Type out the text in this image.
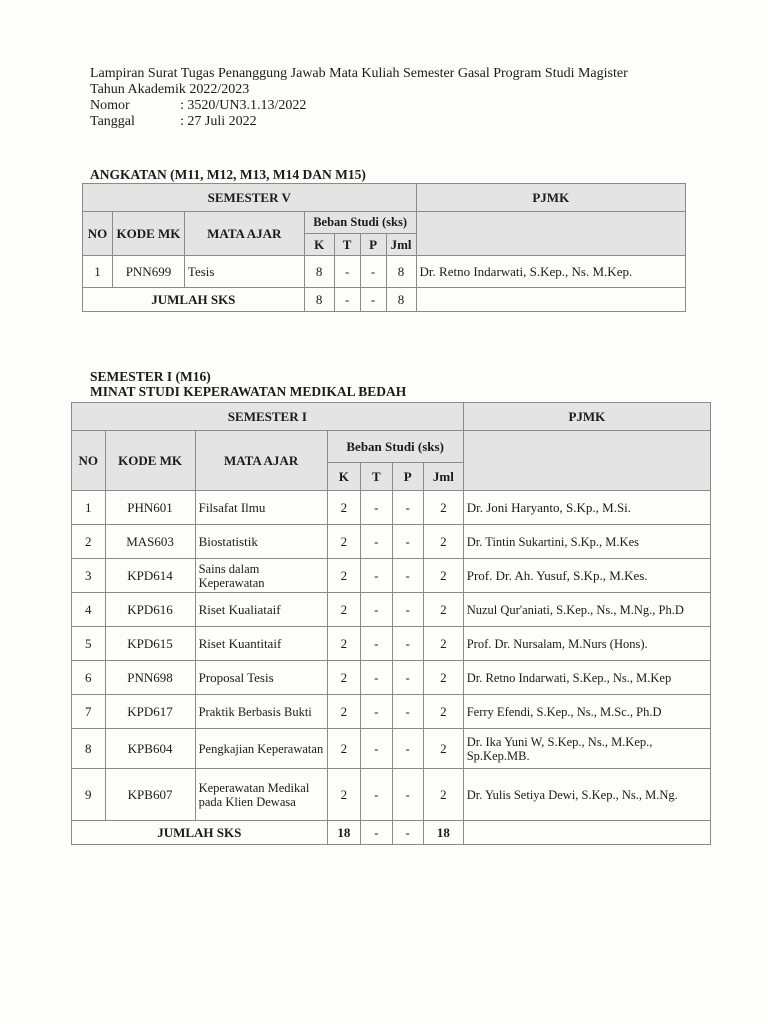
Lampiran Surat Tugas Penanggung Jawab Mata Kuliah Semester Gasal Program Studi Magister
Tahun Akademik 2022/2023
Nomor	: 3520/UN3.1.13/2022
Tanggal	: 27 Juli 2022
ANGKATAN (M11, M12, M13, M14 DAN M15)
SEMESTER V							PJMK
NO	KODE MK	MATA AJAR	Beban Studi (sks)				
			K	T	P	Jml	
1	PNN699	Tesis	8	-	-	8	Dr. Retno Indarwati, S.Kep., Ns. M.Kep.
JUMLAH SKS			8	-	-	8	
SEMESTER I (M16)
MINAT STUDI KEPERAWATAN MEDIKAL BEDAH
SEMESTER I							PJMK
NO	KODE MK	MATA AJAR	Beban Studi (sks)				
			K	T	P	Jml	
1	PHN601	Filsafat Ilmu	2	-	-	2	Dr. Joni Haryanto, S.Kp., M.Si.
2	MAS603	Biostatistik	2	-	-	2	Dr. Tintin Sukartini, S.Kp., M.Kes
3	KPD614	Sains dalam Keperawatan	2	-	-	2	Prof. Dr. Ah. Yusuf, S.Kp., M.Kes.
4	KPD616	Riset Kualiataif	2	-	-	2	Nuzul Qur'aniati, S.Kep., Ns., M.Ng., Ph.D
5	KPD615	Riset Kuantitaif	2	-	-	2	Prof. Dr. Nursalam, M.Nurs (Hons).
6	PNN698	Proposal Tesis	2	-	-	2	Dr. Retno Indarwati, S.Kep., Ns., M.Kep
7	KPD617	Praktik Berbasis Bukti	2	-	-	2	Ferry Efendi, S.Kep., Ns., M.Sc., Ph.D
8	KPB604	Pengkajian Keperawatan	2	-	-	2	Dr. Ika Yuni W, S.Kep., Ns., M.Kep., Sp.Kep.MB.
9	KPB607	Keperawatan Medikal pada Klien Dewasa	2	-	-	2	Dr. Yulis Setiya Dewi, S.Kep., Ns., M.Ng.
JUMLAH SKS			18	-	-	18	
